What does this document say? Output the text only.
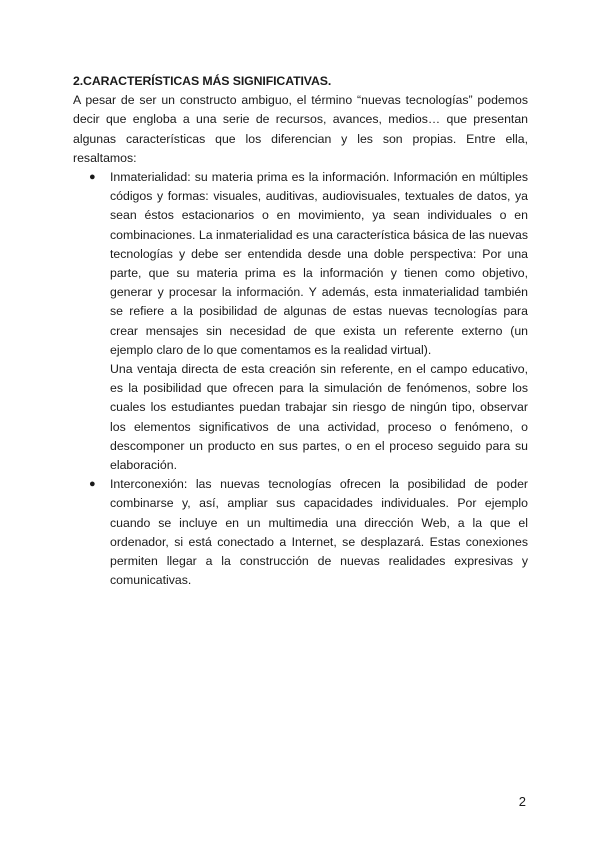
2.CARACTERÍSTICAS MÁS SIGNIFICATIVAS.

A pesar de ser un constructo ambiguo, el término “nuevas tecnologías” podemos decir que engloba a una serie de recursos, avances, medios… que presentan algunas características que los diferencian y les son propias. Entre ella, resaltamos:

● Inmaterialidad: su materia prima es la información. Información en múltiples códigos y formas: visuales, auditivas, audiovisuales, textuales de datos, ya sean éstos estacionarios o en movimiento, ya sean individuales o en combinaciones. La inmaterialidad es una característica básica de las nuevas tecnologías y debe ser entendida desde una doble perspectiva: Por una parte, que su materia prima es la información y tienen como objetivo, generar y procesar la información. Y además, esta inmaterialidad también se refiere a la posibilidad de algunas de estas nuevas tecnologías para crear mensajes sin necesidad de que exista un referente externo (un ejemplo claro de lo que comentamos es la realidad virtual).

Una ventaja directa de esta creación sin referente, en el campo educativo, es la posibilidad que ofrecen para la simulación de fenómenos, sobre los cuales los estudiantes puedan trabajar sin riesgo de ningún tipo, observar los elementos significativos de una actividad, proceso o fenómeno, o descomponer un producto en sus partes, o en el proceso seguido para su elaboración.

● Interconexión: las nuevas tecnologías ofrecen la posibilidad de poder combinarse y, así, ampliar sus capacidades individuales. Por ejemplo cuando se incluye en un multimedia una dirección Web, a la que el ordenador, si está conectado a Internet, se desplazará. Estas conexiones permiten llegar a la construcción de nuevas realidades expresivas y comunicativas.

2
